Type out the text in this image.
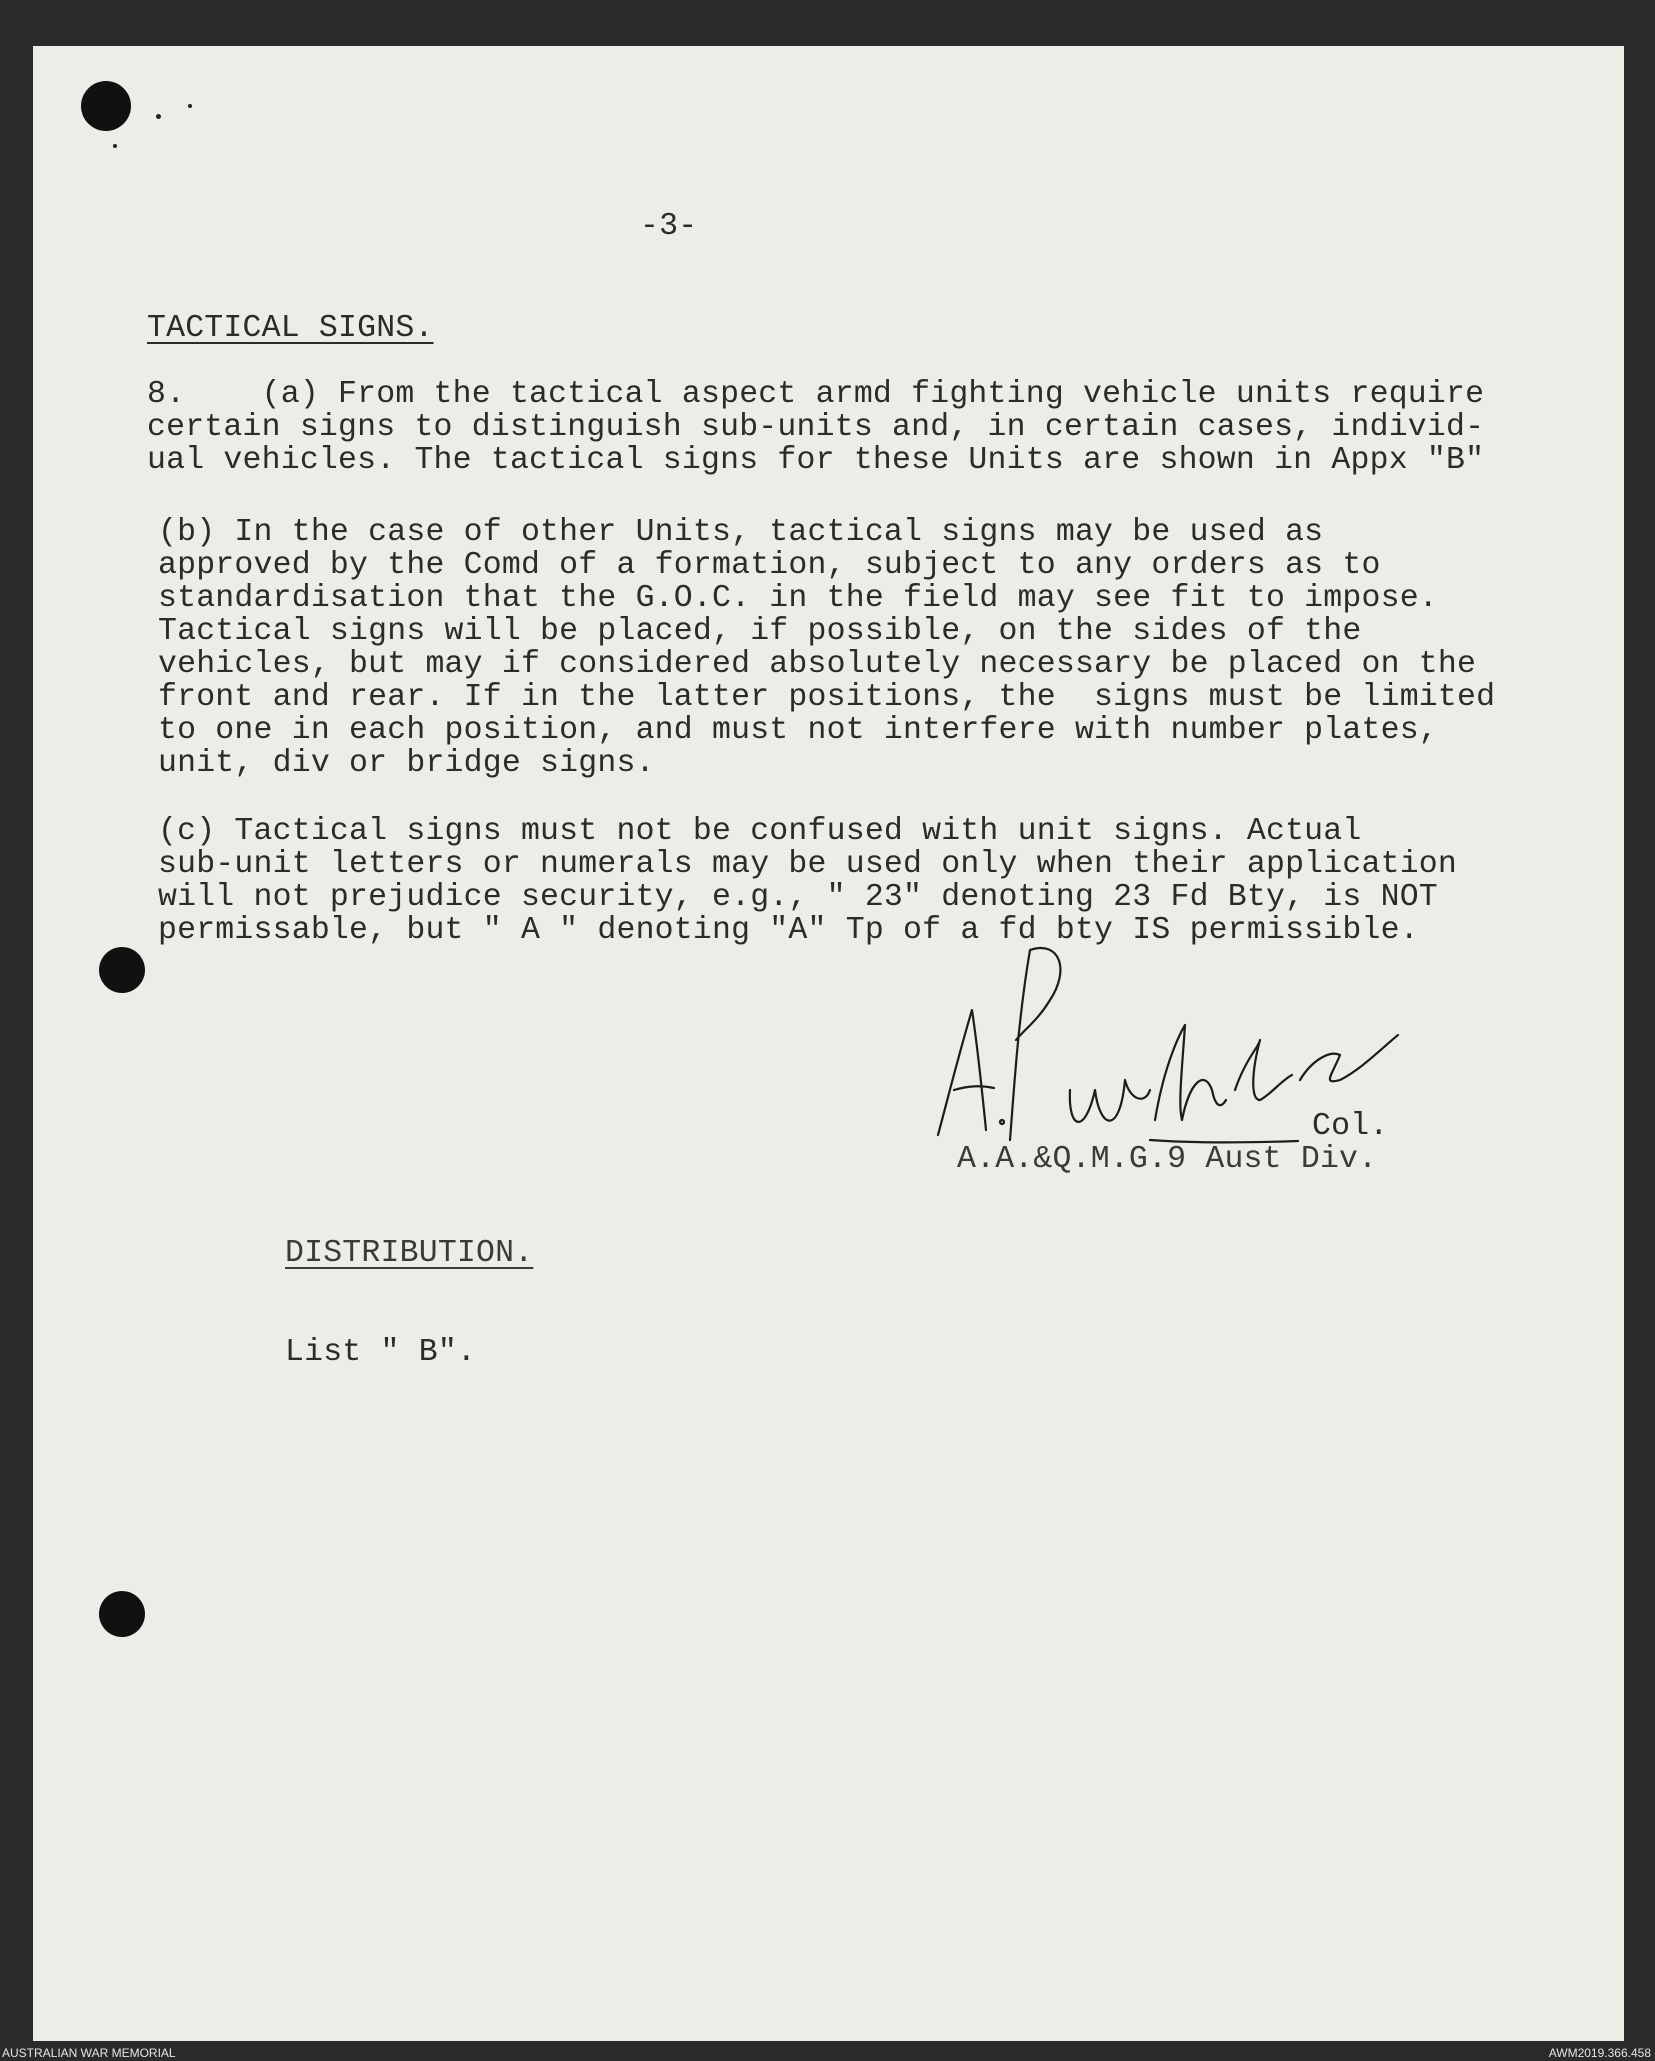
-3-
TACTICAL SIGNS.
8.    (a) From the tactical aspect armd fighting vehicle units require
certain signs to distinguish sub-units and, in certain cases, individ-
ual vehicles. The tactical signs for these Units are shown in Appx "B"
(b) In the case of other Units, tactical signs may be used as
approved by the Comd of a formation, subject to any orders as to
standardisation that the G.O.C. in the field may see fit to impose.
Tactical signs will be placed, if possible, on the sides of the
vehicles, but may if considered absolutely necessary be placed on the
front and rear. If in the latter positions, the  signs must be limited
to one in each position, and must not interfere with number plates,
unit, div or bridge signs.
(c) Tactical signs must not be confused with unit signs. Actual
sub-unit letters or numerals may be used only when their application
will not prejudice security, e.g., " 23" denoting 23 Fd Bty, is NOT
permissable, but " A " denoting "A" Tp of a fd bty IS permissible.
Col.
A.A.&Q.M.G.9 Aust Div.
DISTRIBUTION.
List " B".
AUSTRALIAN WAR MEMORIAL	AWM2019.366.458
